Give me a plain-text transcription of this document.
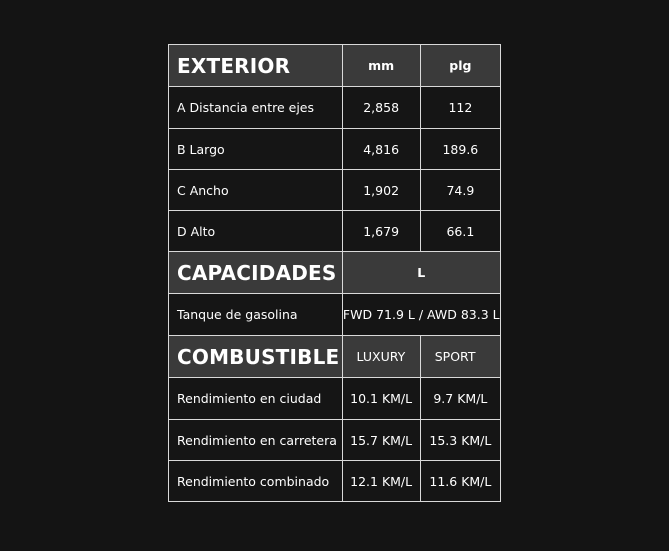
EXTERIOR	mm	plg
A Distancia entre ejes	2,858	112
B Largo	4,816	189.6
C Ancho	1,902	74.9
D Alto	1,679	66.1
CAPACIDADES	L	
Tanque de gasolina	FWD 71.9 L / AWD 83.3 L	
COMBUSTIBLE	LUXURY	SPORT
Rendimiento en ciudad	10.1 KM/L	9.7 KM/L
Rendimiento en carretera	15.7 KM/L	15.3 KM/L
Rendimiento combinado	12.1 KM/L	11.6 KM/L
